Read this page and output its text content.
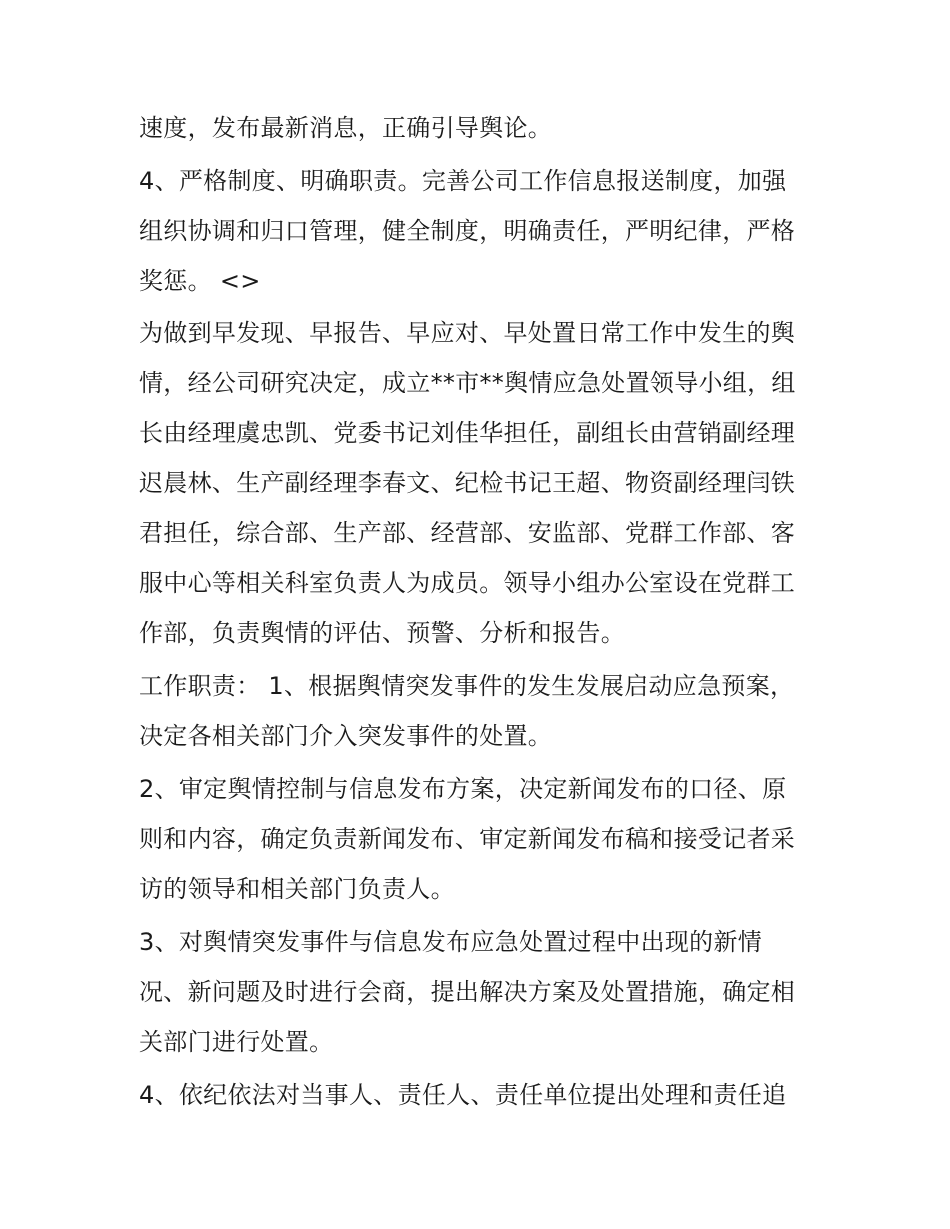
速度，发布最新消息，正确引导舆论。
4、严格制度、明确职责。完善公司工作信息报送制度，加强
组织协调和归口管理，健全制度，明确责任，严明纪律，严格
奖惩。 <>
为做到早发现、早报告、早应对、早处置日常工作中发生的舆
情，经公司研究决定，成立**市**舆情应急处置领导小组，组
长由经理虞忠凯、党委书记刘佳华担任，副组长由营销副经理
迟晨林、生产副经理李春文、纪检书记王超、物资副经理闫铁
君担任，综合部、生产部、经营部、安监部、党群工作部、客
服中心等相关科室负责人为成员。领导小组办公室设在党群工
作部，负责舆情的评估、预警、分析和报告。
工作职责： 1、根据舆情突发事件的发生发展启动应急预案，
决定各相关部门介入突发事件的处置。
2、审定舆情控制与信息发布方案，决定新闻发布的口径、原
则和内容，确定负责新闻发布、审定新闻发布稿和接受记者采
访的领导和相关部门负责人。
3、对舆情突发事件与信息发布应急处置过程中出现的新情
况、新问题及时进行会商，提出解决方案及处置措施，确定相
关部门进行处置。
4、依纪依法对当事人、责任人、责任单位提出处理和责任追
